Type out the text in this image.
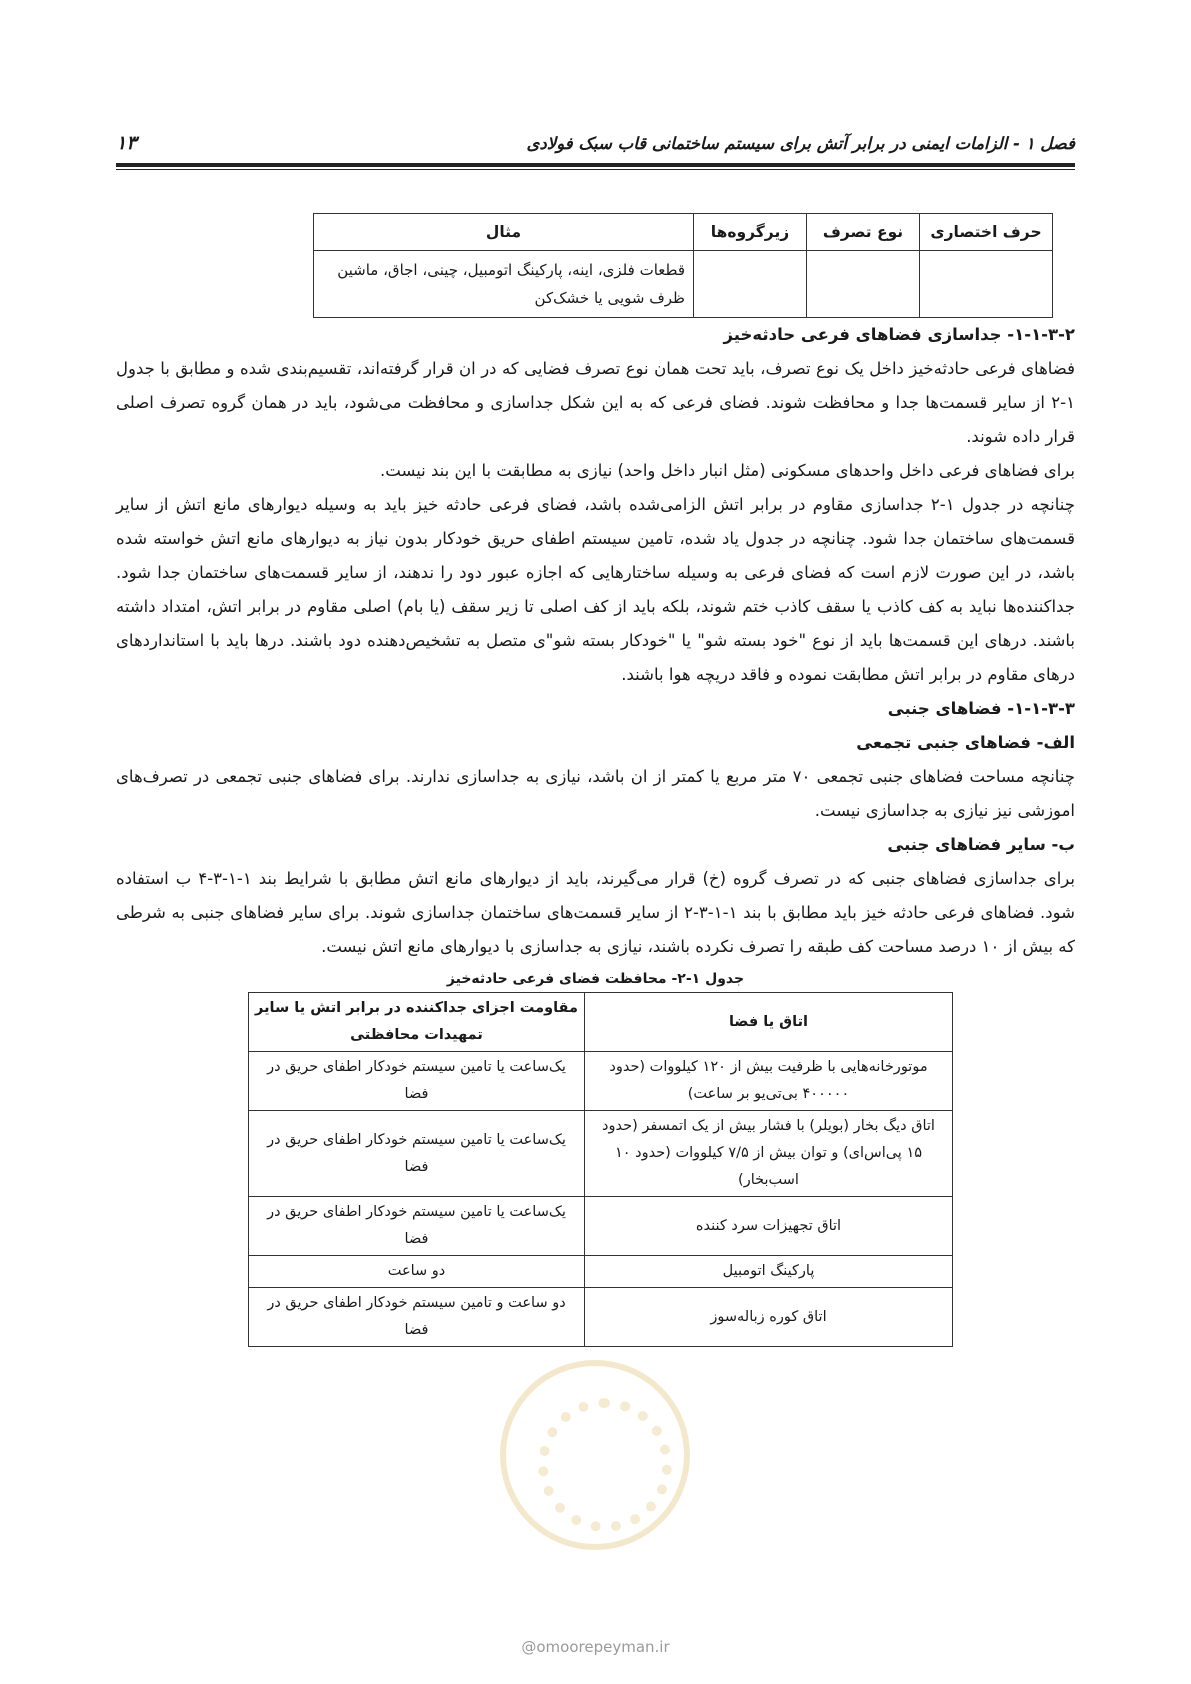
فصل ۱ - الزامات ایمنی در برابر آتش برای سیستم ساختمانی قاب سبک فولادی
۱۳
حرف اختصاری	نوع تصرف	زیرگروه‌ها	مثال
			قطعات فلزی، اینه، پارکینگ اتومبیل، چینی، اجاق، ماشین ظرف شویی یا خشک‌کن
۱-۱-۳-۲- جداسازی فضاهای فرعی حادثه‌خیز

فضاهای فرعی حادثه‌خیز داخل یک نوع تصرف، باید تحت همان نوع تصرف فضایی که در ان قرار گرفته‌اند، تقسیم‌بندی شده و مطابق با جدول ۱-۲ از سایر قسمت‌ها جدا و محافظت شوند. فضای فرعی که به این شکل جداسازی و محافظت می‌شود، باید در همان گروه تصرف اصلی قرار داده شوند.

برای فضاهای فرعی داخل واحدهای مسکونی (مثل انبار داخل واحد) نیازی به مطابقت با این بند نیست.

چنانچه در جدول ۱-۲ جداسازی مقاوم در برابر اتش الزامی‌شده باشد، فضای فرعی حادثه خیز باید به وسیله دیوارهای مانع اتش از سایر قسمت‌های ساختمان جدا شود. چنانچه در جدول یاد شده، تامین سیستم اطفای حریق خودکار بدون نیاز به دیوارهای مانع اتش خواسته شده باشد، در این صورت لازم است که فضای فرعی به وسیله ساختارهایی که اجازه عبور دود را ندهند، از سایر قسمت‌های ساختمان جدا شود. جداکننده‌ها نباید به کف کاذب یا سقف کاذب ختم شوند، بلکه باید از کف اصلی تا زیر سقف (یا بام) اصلی مقاوم در برابر اتش، امتداد داشته باشند. درهای این قسمت‌ها باید از نوع "خود بسته شو" یا "خودکار بسته شو"ی متصل به تشخیص‌دهنده دود باشند. درها باید با استانداردهای درهای مقاوم در برابر اتش مطابقت نموده و فاقد دریچه هوا باشند.

۱-۱-۳-۳- فضاهای جنبی
الف- فضاهای جنبی تجمعی

چنانچه مساحت فضاهای جنبی تجمعی ۷۰ متر مربع یا کمتر از ان باشد، نیازی به جداسازی ندارند. برای فضاهای جنبی تجمعی در تصرف‌های اموزشی نیز نیازی به جداسازی نیست.

ب- سایر فضاهای جنبی

برای جداسازی فضاهای جنبی که در تصرف گروه (خ) قرار می‌گیرند، باید از دیوارهای مانع اتش مطابق با شرایط بند ۱-۱-۳-۴ ب استفاده شود. فضاهای فرعی حادثه خیز باید مطابق با بند ۱-۱-۳-۲ از سایر قسمت‌های ساختمان جداسازی شوند. برای سایر فضاهای جنبی به شرطی که بیش از ۱۰ درصد مساحت کف طبقه را تصرف نکرده باشند، نیازی به جداسازی با دیوارهای مانع اتش نیست.

جدول ۱-۲- محافظت فضای فرعی حادثه‌خیز
اتاق یا فضا	مقاومت اجزای جداکننده در برابر اتش یا سایر تمهیدات محافظتی
موتورخانه‌هایی با ظرفیت بیش از ۱۲۰ کیلووات (حدود ۴۰۰۰۰۰ بی‌تی‌یو بر ساعت)	یک‌ساعت یا تامین سیستم خودکار اطفای حریق در فضا
اتاق دیگ بخار (بویلر) با فشار بیش از یک اتمسفر (حدود ۱۵ پی‌اس‌ای) و توان بیش از ۷/۵ کیلووات (حدود ۱۰ اسب‌بخار)	یک‌ساعت یا تامین سیستم خودکار اطفای حریق در فضا
اتاق تجهیزات سرد کننده	یک‌ساعت یا تامین سیستم خودکار اطفای حریق در فضا
پارکینگ اتومبیل	دو ساعت
اتاق کوره زباله‌سوز	دو ساعت و تامین سیستم خودکار اطفای حریق در فضا
@omoorepeyman.ir
